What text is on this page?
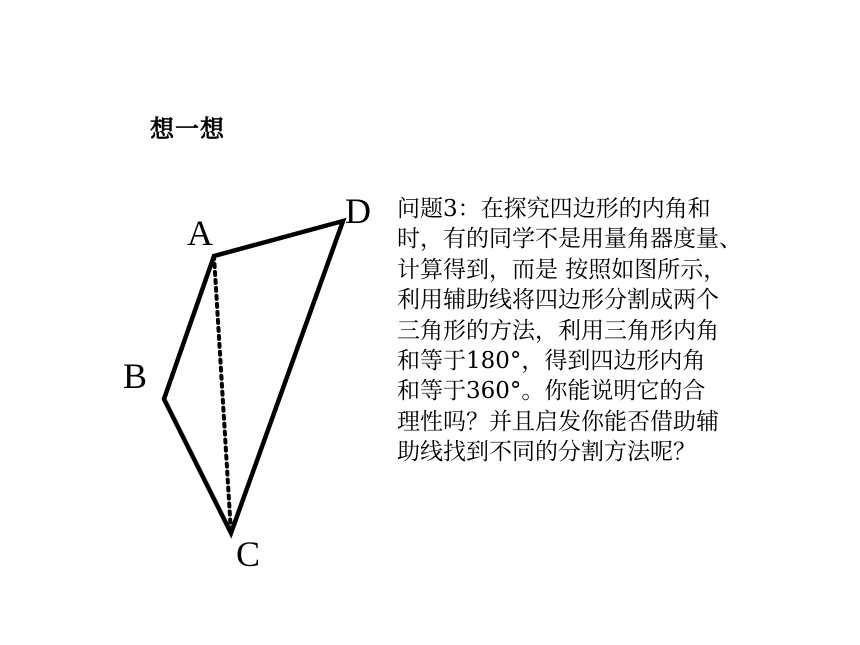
想一想
A
B
C
D 问题3：在探究四边形的内角和
时，有的同学不是用量角器度量、
计算得到，而是 按照如图所示，
利用辅助线将四边形分割成两个
三角形的方法，利用三角形内角
和等于180°，得到四边形内角
和等于360°。你能说明它的合
理性吗？并且启发你能否借助辅
助线找到不同的分割方法呢？
